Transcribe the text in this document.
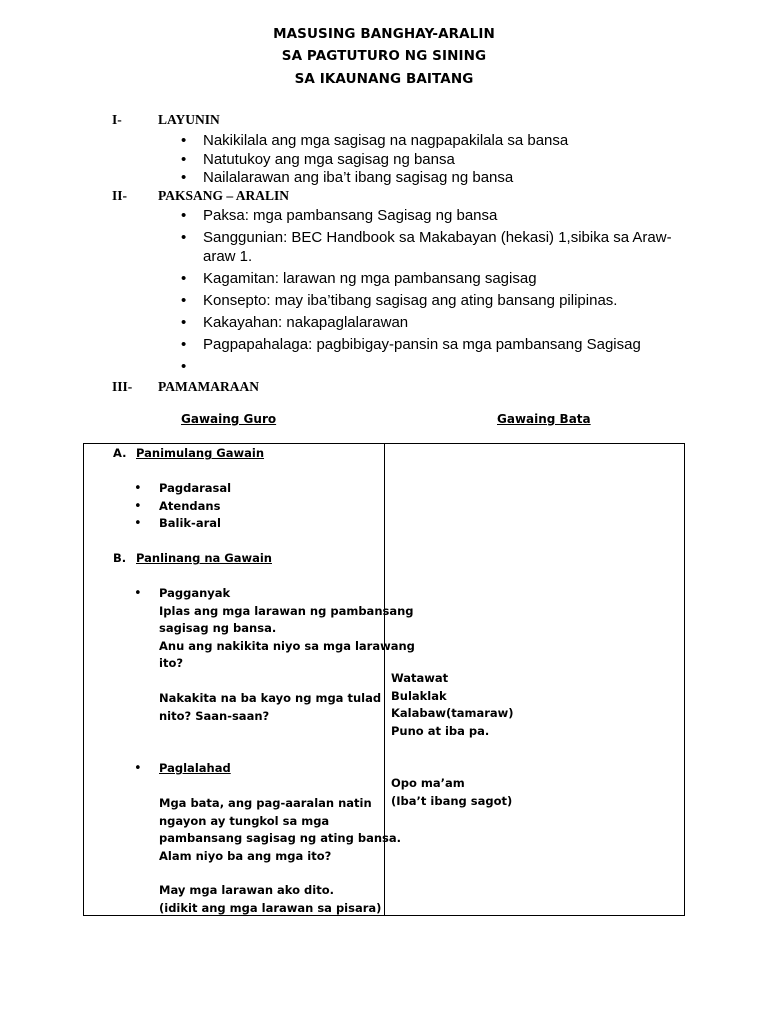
MASUSING BANGHAY-ARALIN
SA PAGTUTURO NG SINING
SA IKAUNANG BAITANG
I-	LAYUNIN
• Nakikilala ang mga sagisag na nagpapakilala sa bansa
• Natutukoy ang mga sagisag ng bansa
• Nailalarawan ang iba’t ibang sagisag ng bansa
II- PAKSANG – ARALIN
• Paksa: mga pambansang Sagisag ng bansa
• Sanggunian: BEC Handbook sa Makabayan (hekasi) 1,sibika sa Araw-araw 1.
• Kagamitan: larawan ng mga pambansang sagisag
• Konsepto: may iba’tibang sagisag ang ating bansang pilipinas.
• Kakayahan: nakapaglalarawan
• Pagpapahalaga: pagbibigay-pansin sa mga pambansang Sagisag
•
III- PAMAMARAAN
Gawaing Guro	Gawaing Bata
A. Panimulang Gawain
• Pagdarasal
• Atendans
• Balik-aral
B. Panlinang na Gawain
• Pagganyak
Iplas ang mga larawan ng pambansang
sagisag ng bansa.
Anu ang nakikita niyo sa mga larawang
ito?
Nakakita na ba kayo ng mga tulad
nito? Saan-saan?
• Paglalahad
Mga bata, ang pag-aaralan natin
ngayon ay tungkol sa mga
pambansang sagisag ng ating bansa.
Alam niyo ba ang mga ito?
May mga larawan ako dito.
(idikit ang mga larawan sa pisara)
Watawat
Bulaklak
Kalabaw(tamaraw)
Puno at iba pa.
Opo ma’am
(Iba’t ibang sagot)
